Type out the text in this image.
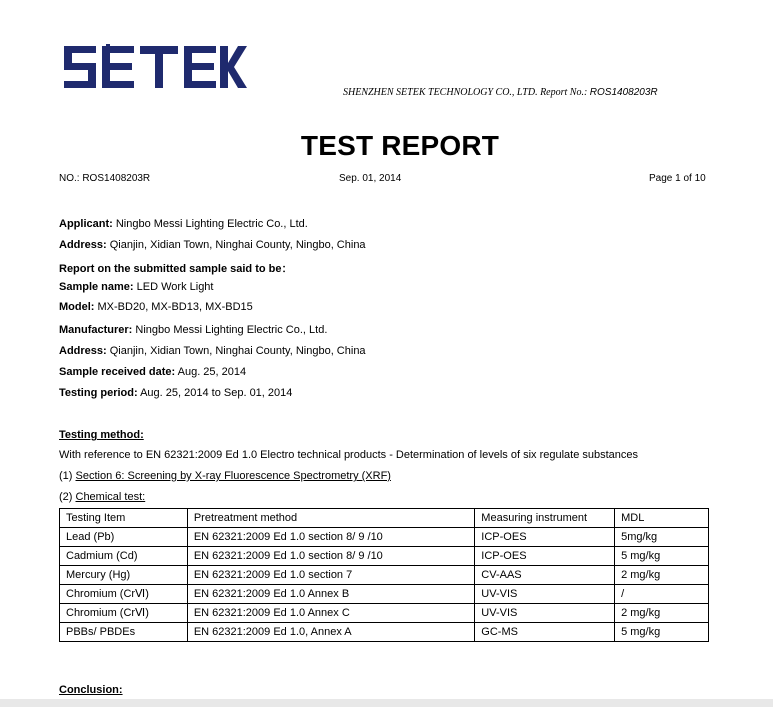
SHENZHEN SETEK TECHNOLOGY CO., LTD. Report No.: ROS1408203R
TEST REPORT
NO.: ROS1408203R	Sep. 01, 2014	Page 1 of 10
Applicant: Ningbo Messi Lighting Electric Co., Ltd.
Address: Qianjin, Xidian Town, Ninghai County, Ningbo, China
Report on the submitted sample said to be：
Sample name: LED Work Light
Model: MX-BD20, MX-BD13, MX-BD15
Manufacturer: Ningbo Messi Lighting Electric Co., Ltd.
Address: Qianjin, Xidian Town, Ninghai County, Ningbo, China
Sample received date: Aug. 25, 2014
Testing period: Aug. 25, 2014 to Sep. 01, 2014
Testing method:
With reference to EN 62321:2009 Ed 1.0 Electro technical products - Determination of levels of six regulate substances
(1) Section 6: Screening by X-ray Fluorescence Spectrometry (XRF)
(2) Chemical test:
Testing Item	Pretreatment method	Measuring instrument	MDL
Lead (Pb)	EN 62321:2009 Ed 1.0 section 8/ 9 /10	ICP-OES	5mg/kg
Cadmium (Cd)	EN 62321:2009 Ed 1.0 section 8/ 9 /10	ICP-OES	5 mg/kg
Mercury (Hg)	EN 62321:2009 Ed 1.0 section 7	CV-AAS	2 mg/kg
Chromium (CrⅥ)	EN 62321:2009 Ed 1.0 Annex B	UV-VIS	/
Chromium (CrⅥ)	EN 62321:2009 Ed 1.0 Annex C	UV-VIS	2 mg/kg
PBBs/ PBDEs	EN 62321:2009 Ed 1.0, Annex A	GC-MS	5 mg/kg
Conclusion:
